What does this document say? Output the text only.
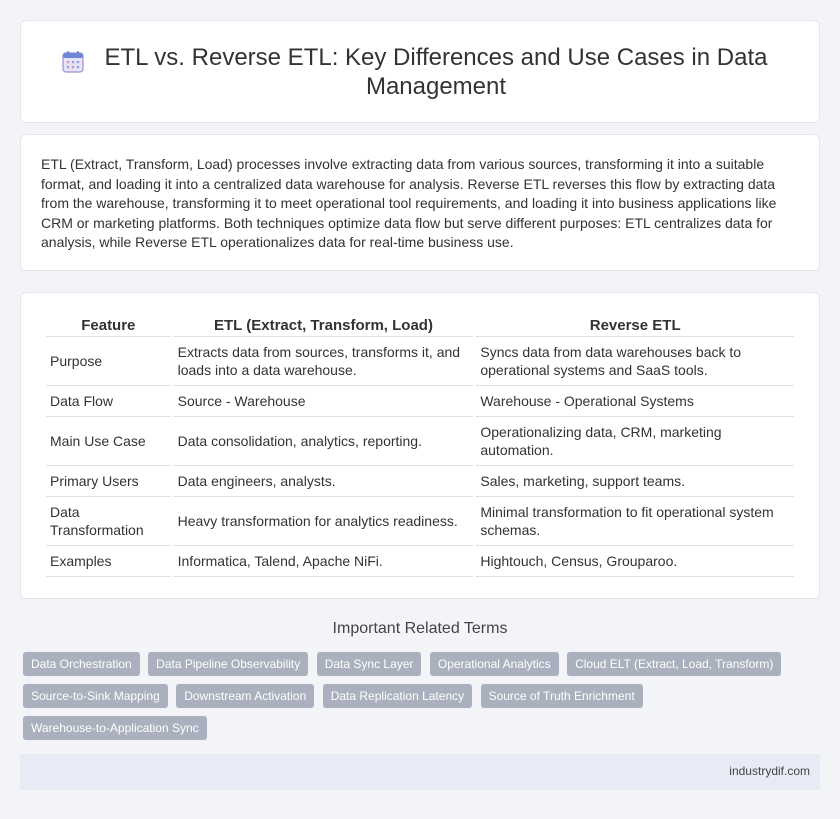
ETL vs. Reverse ETL: Key Differences and Use Cases in Data Management

ETL (Extract, Transform, Load) processes involve extracting data from various sources, transforming it into a suitable format, and loading it into a centralized data warehouse for analysis. Reverse ETL reverses this flow by extracting data from the warehouse, transforming it to meet operational tool requirements, and loading it into business applications like CRM or marketing platforms. Both techniques optimize data flow but serve different purposes: ETL centralizes data for analysis, while Reverse ETL operationalizes data for real-time business use.

Feature	ETL (Extract, Transform, Load)	Reverse ETL
Purpose	Extracts data from sources, transforms it, and loads into a data warehouse.	Syncs data from data warehouses back to operational systems and SaaS tools.
Data Flow	Source - Warehouse	Warehouse - Operational Systems
Main Use Case	Data consolidation, analytics, reporting.	Operationalizing data, CRM, marketing automation.
Primary Users	Data engineers, analysts.	Sales, marketing, support teams.
Data Transformation	Heavy transformation for analytics readiness.	Minimal transformation to fit operational system schemas.
Examples	Informatica, Talend, Apache NiFi.	Hightouch, Census, Grouparoo.
Important Related Terms
Data Orchestration Data Pipeline Observability Data Sync Layer Operational Analytics Cloud ELT (Extract, Load, Transform) Source-to-Sink Mapping Downstream Activation Data Replication Latency Source of Truth Enrichment Warehouse-to-Application Sync
industrydif.com
